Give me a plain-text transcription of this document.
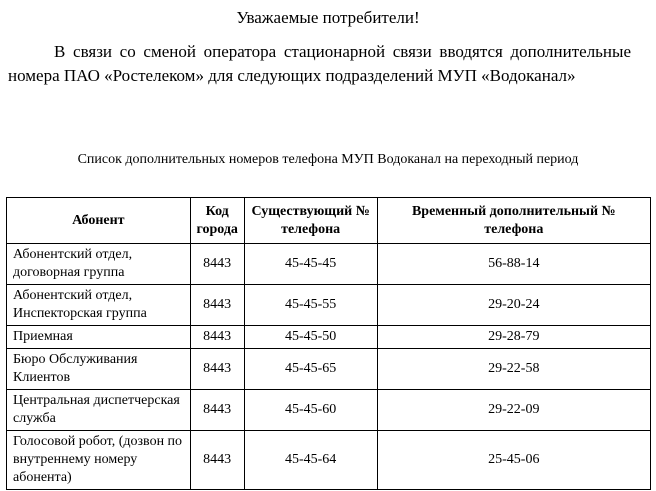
Уважаемые потребители!

В связи со сменой оператора стационарной связи вводятся дополнительные номера ПАО «Ростелеком» для следующих подразделений МУП «Водоканал»

Список дополнительных номеров телефона МУП Водоканал на переходный период
Абонент	Код города	Существующий № телефона	Временный дополнительный № телефона
Абонентский отдел, договорная группа	8443	45-45-45	56-88-14
Абонентский отдел, Инспекторская группа	8443	45-45-55	29-20-24
Приемная	8443	45-45-50	29-28-79
Бюро Обслуживания Клиентов	8443	45-45-65	29-22-58
Центральная диспетчерская служба	8443	45-45-60	29-22-09
Голосовой робот, (дозвон по внутреннему номеру абонента)	8443	45-45-64	25-45-06
